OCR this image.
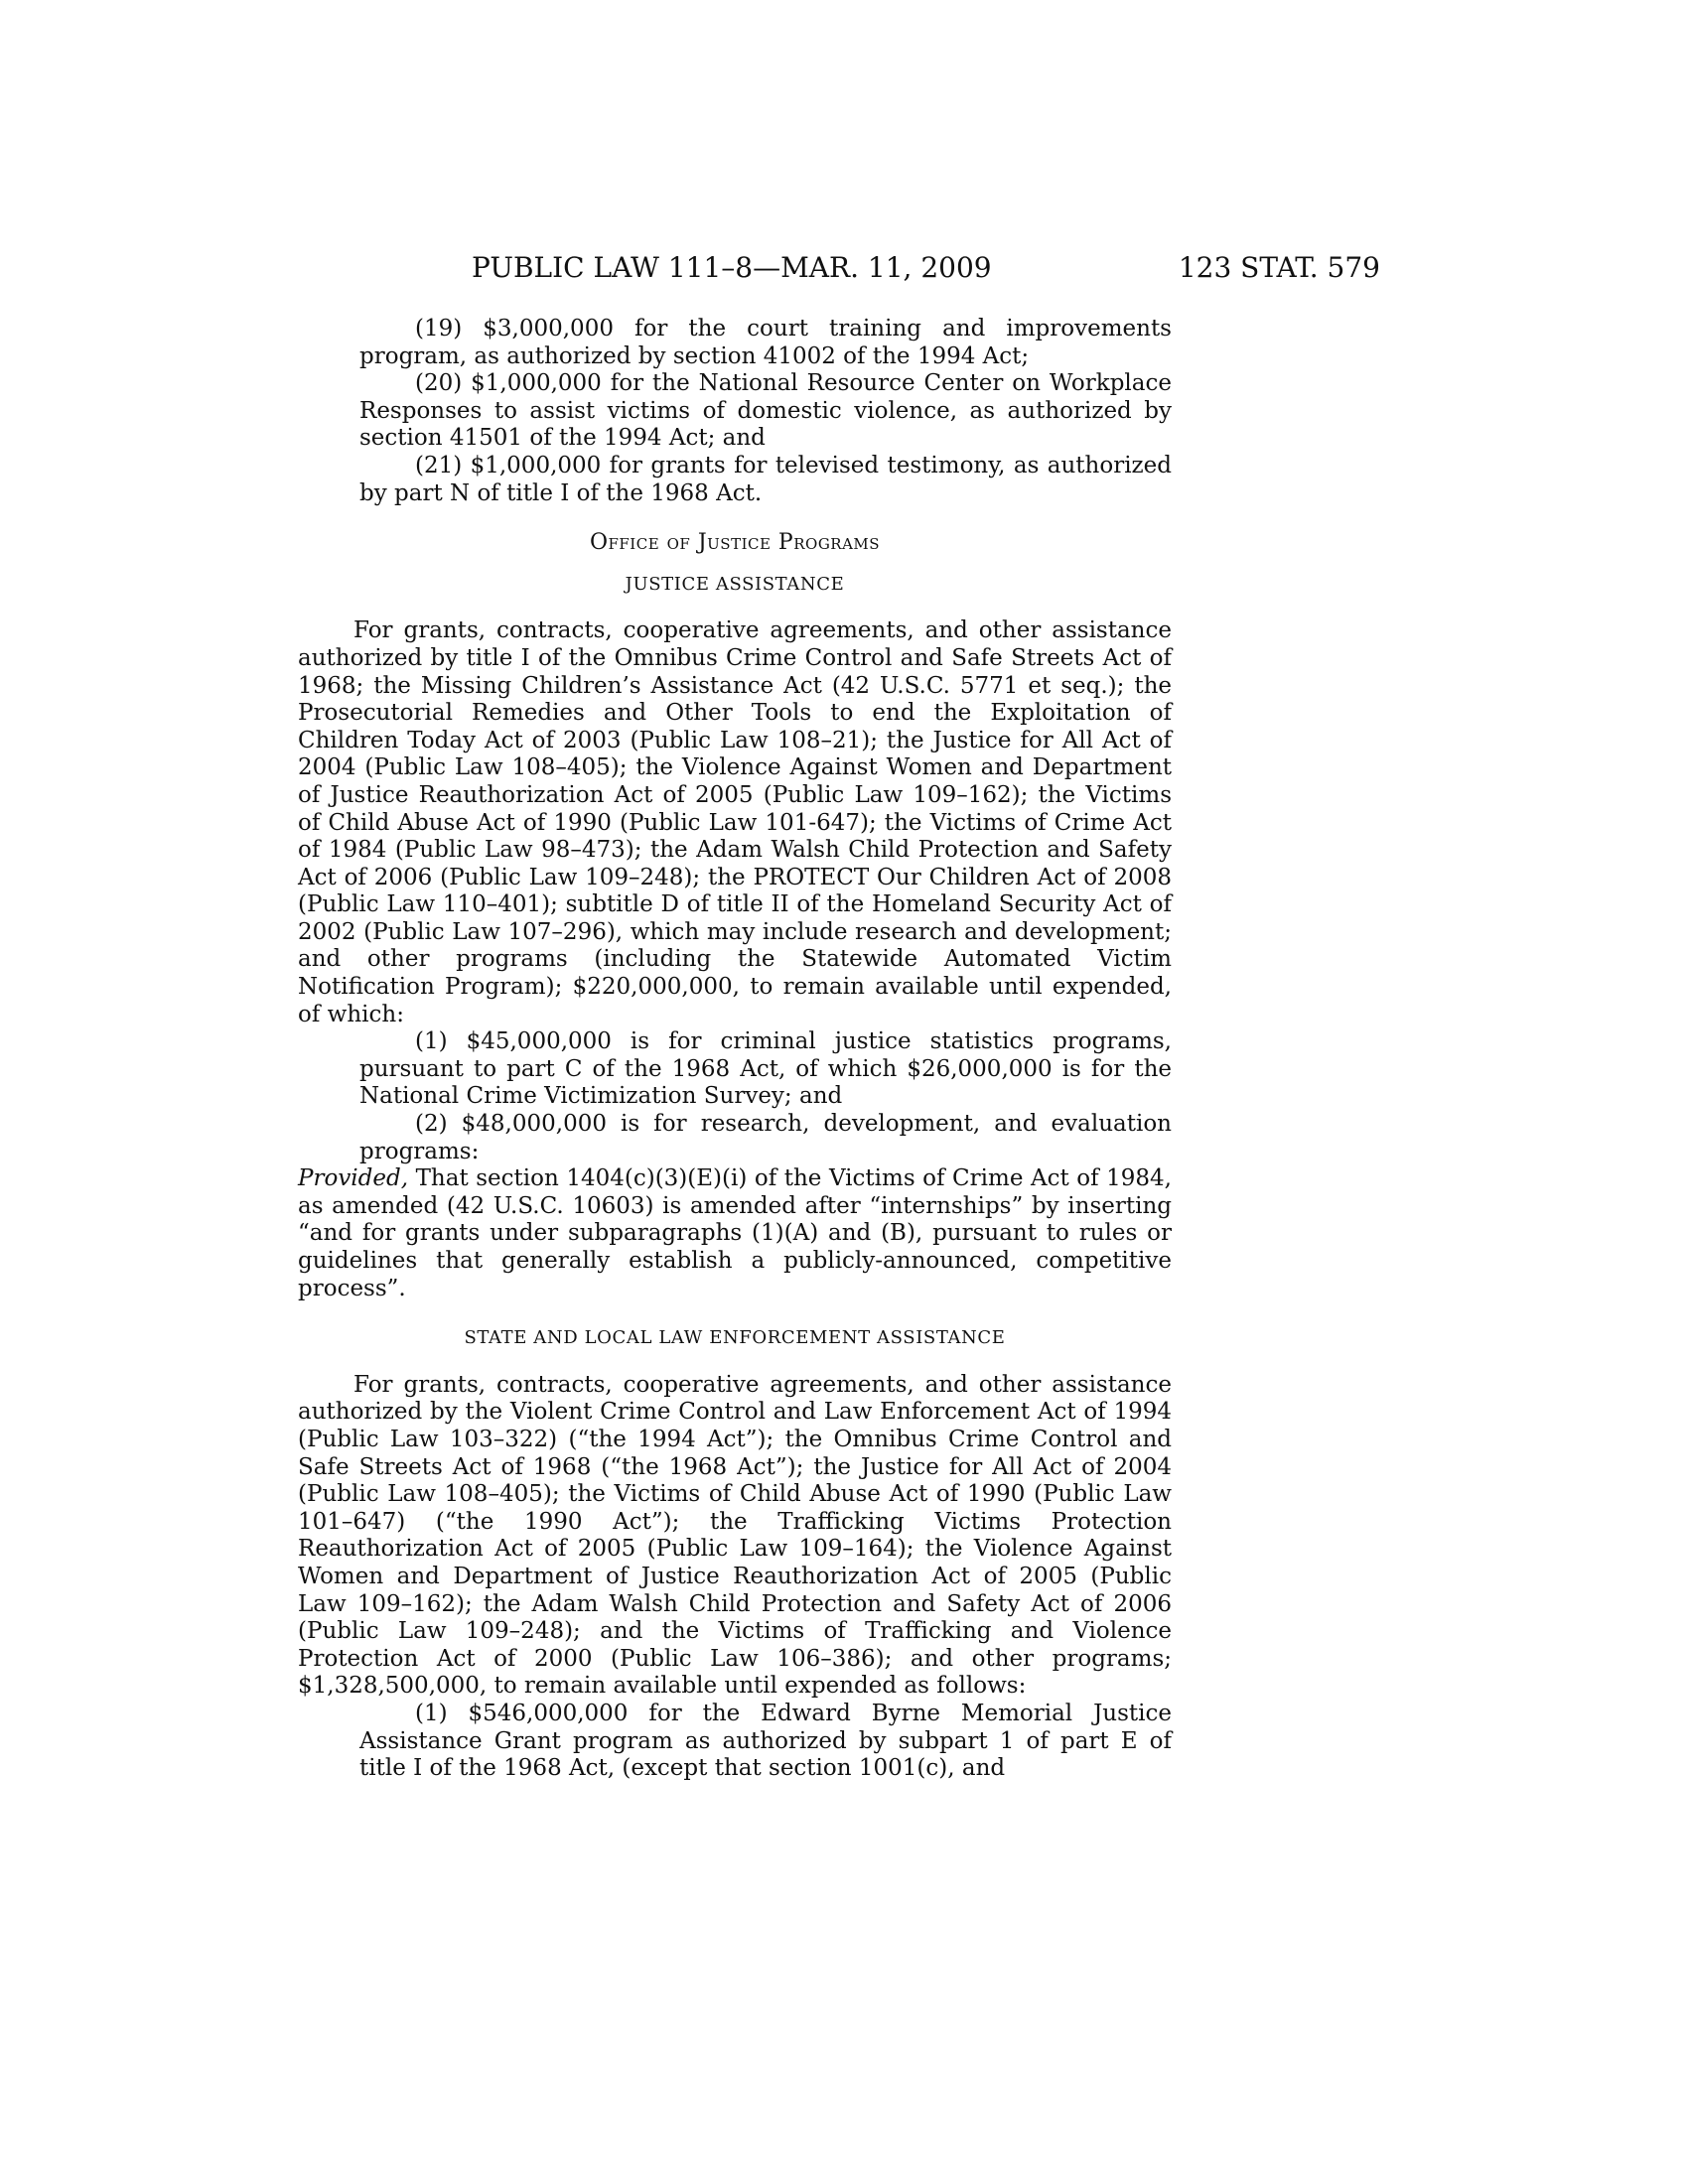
PUBLIC LAW 111–8—MAR. 11, 2009	123 STAT. 579

(19) $3,000,000 for the court training and improvements program, as authorized by section 41002 of the 1994 Act;

(20) $1,000,000 for the National Resource Center on Workplace Responses to assist victims of domestic violence, as authorized by section 41501 of the 1994 Act; and

(21) $1,000,000 for grants for televised testimony, as authorized by part N of title I of the 1968 Act.

Office of Justice Programs

JUSTICE ASSISTANCE

For grants, contracts, cooperative agreements, and other assistance authorized by title I of the Omnibus Crime Control and Safe Streets Act of 1968; the Missing Children’s Assistance Act (42 U.S.C. 5771 et seq.); the Prosecutorial Remedies and Other Tools to end the Exploitation of Children Today Act of 2003 (Public Law 108–21); the Justice for All Act of 2004 (Public Law 108–405); the Violence Against Women and Department of Justice Reauthorization Act of 2005 (Public Law 109–162); the Victims of Child Abuse Act of 1990 (Public Law 101-647); the Victims of Crime Act of 1984 (Public Law 98–473); the Adam Walsh Child Protection and Safety Act of 2006 (Public Law 109–248); the PROTECT Our Children Act of 2008 (Public Law 110–401); subtitle D of title II of the Homeland Security Act of 2002 (Public Law 107–296), which may include research and development; and other programs (including the Statewide Automated Victim Notification Program); $220,000,000, to remain available until expended, of which:

(1) $45,000,000 is for criminal justice statistics programs, pursuant to part C of the 1968 Act, of which $26,000,000 is for the National Crime Victimization Survey; and

(2) $48,000,000 is for research, development, and evaluation programs:

Provided, That section 1404(c)(3)(E)(i) of the Victims of Crime Act of 1984, as amended (42 U.S.C. 10603) is amended after “internships” by inserting “and for grants under subparagraphs (1)(A) and (B), pursuant to rules or guidelines that generally establish a publicly-announced, competitive process”.

STATE AND LOCAL LAW ENFORCEMENT ASSISTANCE

For grants, contracts, cooperative agreements, and other assistance authorized by the Violent Crime Control and Law Enforcement Act of 1994 (Public Law 103–322) (“the 1994 Act”); the Omnibus Crime Control and Safe Streets Act of 1968 (“the 1968 Act”); the Justice for All Act of 2004 (Public Law 108–405); the Victims of Child Abuse Act of 1990 (Public Law 101–647) (“the 1990 Act”); the Trafficking Victims Protection Reauthorization Act of 2005 (Public Law 109–164); the Violence Against Women and Department of Justice Reauthorization Act of 2005 (Public Law 109–162); the Adam Walsh Child Protection and Safety Act of 2006 (Public Law 109–248); and the Victims of Trafficking and Violence Protection Act of 2000 (Public Law 106–386); and other programs; $1,328,500,000, to remain available until expended as follows:

(1) $546,000,000 for the Edward Byrne Memorial Justice Assistance Grant program as authorized by subpart 1 of part E of title I of the 1968 Act, (except that section 1001(c), and
